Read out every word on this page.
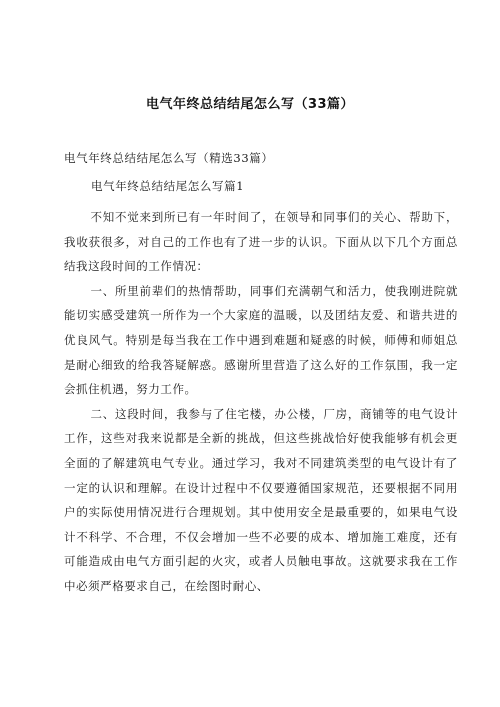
电气年终总结结尾怎么写（33篇）
电气年终总结结尾怎么写（精选33篇）
电气年终总结结尾怎么写篇1

不知不觉来到所已有一年时间了，在领导和同事们的关心、帮助下，我收获很多，对自己的工作也有了进一步的认识。下面从以下几个方面总结我这段时间的工作情况：

一、所里前辈们的热情帮助，同事们充满朝气和活力，使我刚进院就能切实感受建筑一所作为一个大家庭的温暖，以及团结友爱、和谐共进的优良风气。特别是每当我在工作中遇到难题和疑惑的时候，师傅和师姐总是耐心细致的给我答疑解惑。感谢所里营造了这么好的工作氛围，我一定会抓住机遇，努力工作。

二、这段时间，我参与了住宅楼，办公楼，厂房，商铺等的电气设计工作，这些对我来说都是全新的挑战，但这些挑战恰好使我能够有机会更全面的了解建筑电气专业。通过学习，我对不同建筑类型的电气设计有了一定的认识和理解。在设计过程中不仅要遵循国家规范，还要根据不同用户的实际使用情况进行合理规划。其中使用安全是最重要的，如果电气设计不科学、不合理，不仅会增加一些不必要的成本、增加施工难度，还有可能造成由电气方面引起的火灾，或者人员触电事故。这就要求我在工作中必须严格要求自己，在绘图时耐心、
